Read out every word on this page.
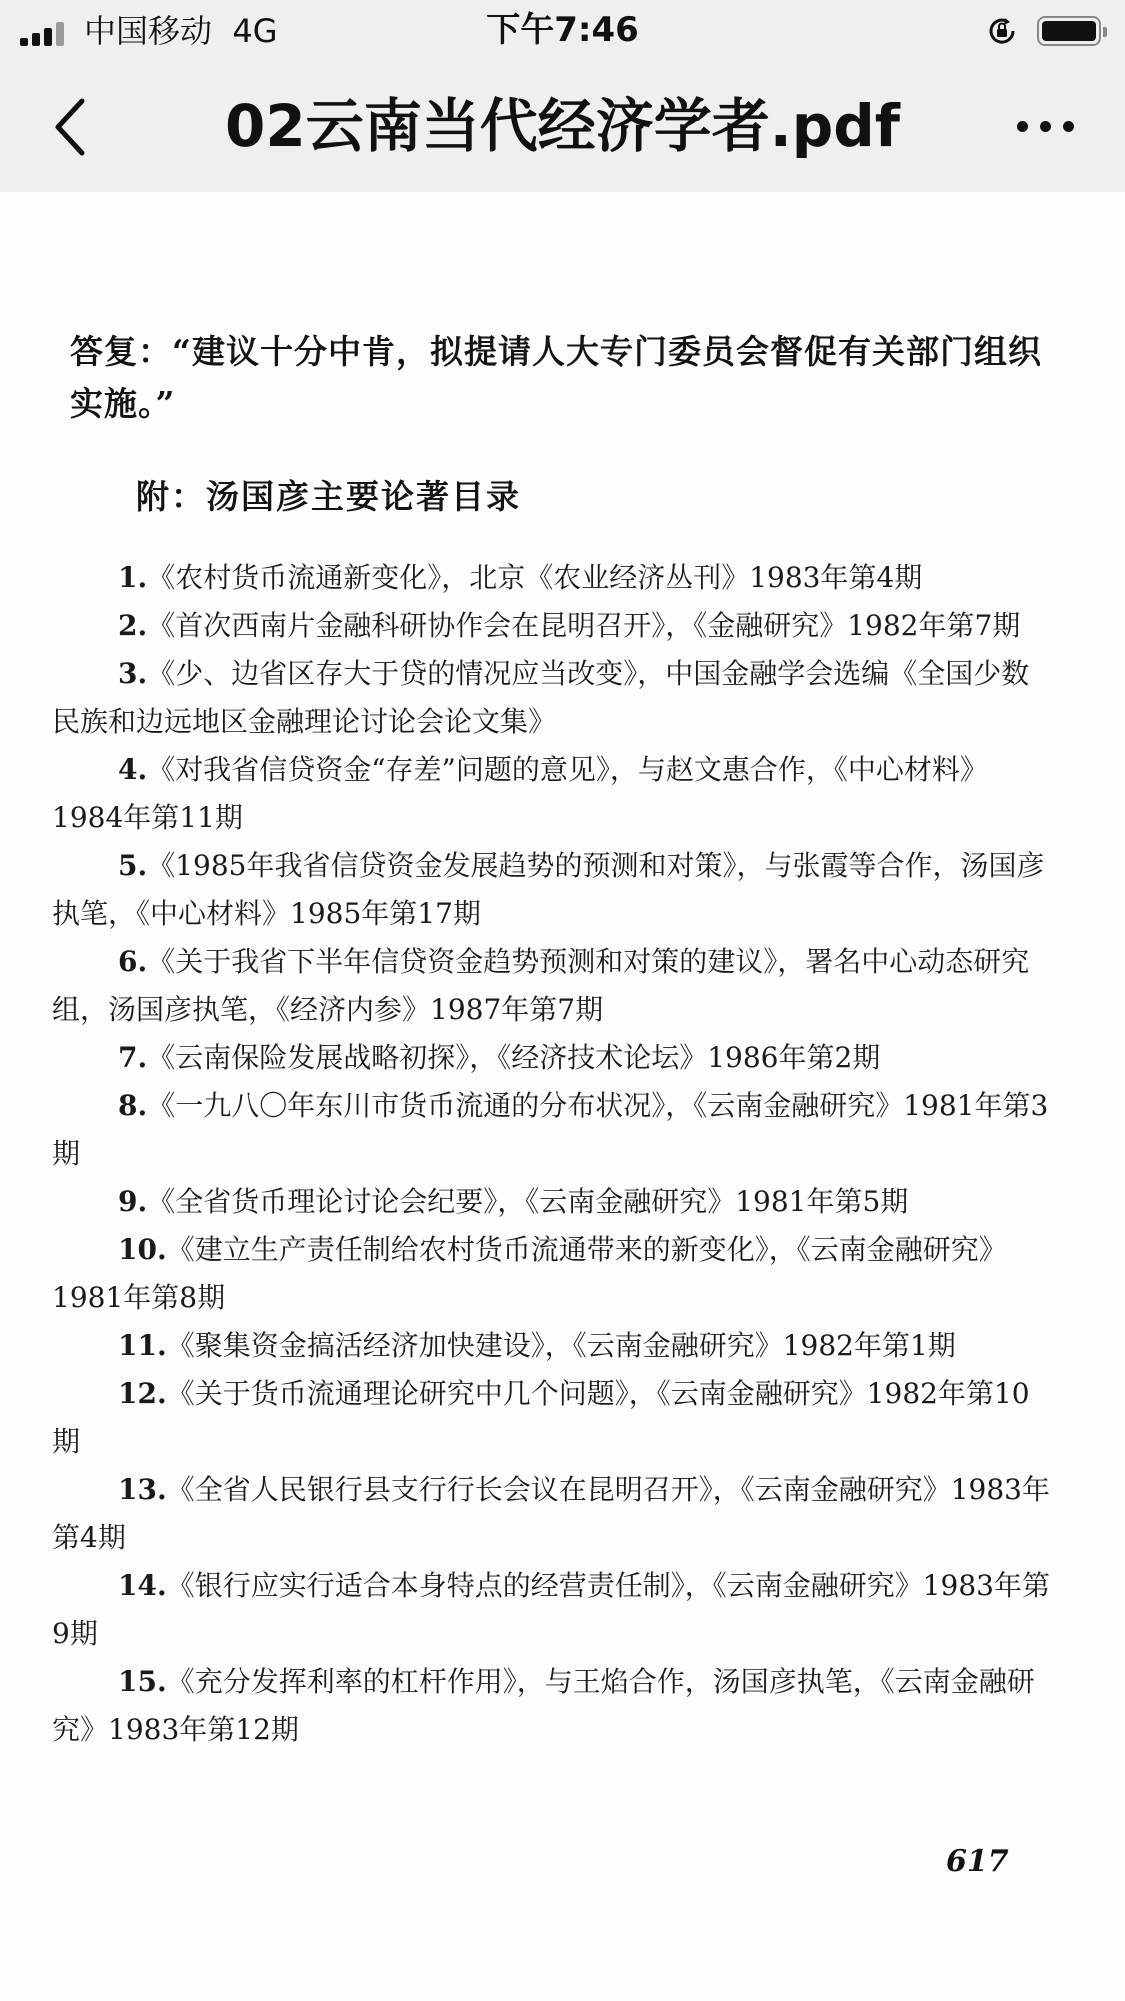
中国移动 4G	下午7:46
02云南当代经济学者.pdf
答复：“建议十分中肯，拟提请人大专门委员会督促有关部门组织实施。”
附：汤国彦主要论著目录

1.《农村货币流通新变化》，北京《农业经济丛刊》1983年第4期

2.《首次西南片金融科研协作会在昆明召开》，《金融研究》1982年第7期

3.《少、边省区存大于贷的情况应当改变》，中国金融学会选编《全国少数民族和边远地区金融理论讨论会论文集》

4.《对我省信贷资金“存差”问题的意见》，与赵文惠合作，《中心材料》1984年第11期

5.《1985年我省信贷资金发展趋势的预测和对策》，与张霞等合作，汤国彦执笔，《中心材料》1985年第17期

6.《关于我省下半年信贷资金趋势预测和对策的建议》，署名中心动态研究组，汤国彦执笔，《经济内参》1987年第7期

7.《云南保险发展战略初探》，《经济技术论坛》1986年第2期

8.《一九八〇年东川市货币流通的分布状况》，《云南金融研究》1981年第3期

9.《全省货币理论讨论会纪要》，《云南金融研究》1981年第5期

10.《建立生产责任制给农村货币流通带来的新变化》，《云南金融研究》1981年第8期

11.《聚集资金搞活经济加快建设》，《云南金融研究》1982年第1期

12.《关于货币流通理论研究中几个问题》，《云南金融研究》1982年第10期

13.《全省人民银行县支行行长会议在昆明召开》，《云南金融研究》1983年第4期

14.《银行应实行适合本身特点的经营责任制》，《云南金融研究》1983年第9期

15.《充分发挥利率的杠杆作用》，与王焰合作，汤国彦执笔，《云南金融研究》1983年第12期

617
